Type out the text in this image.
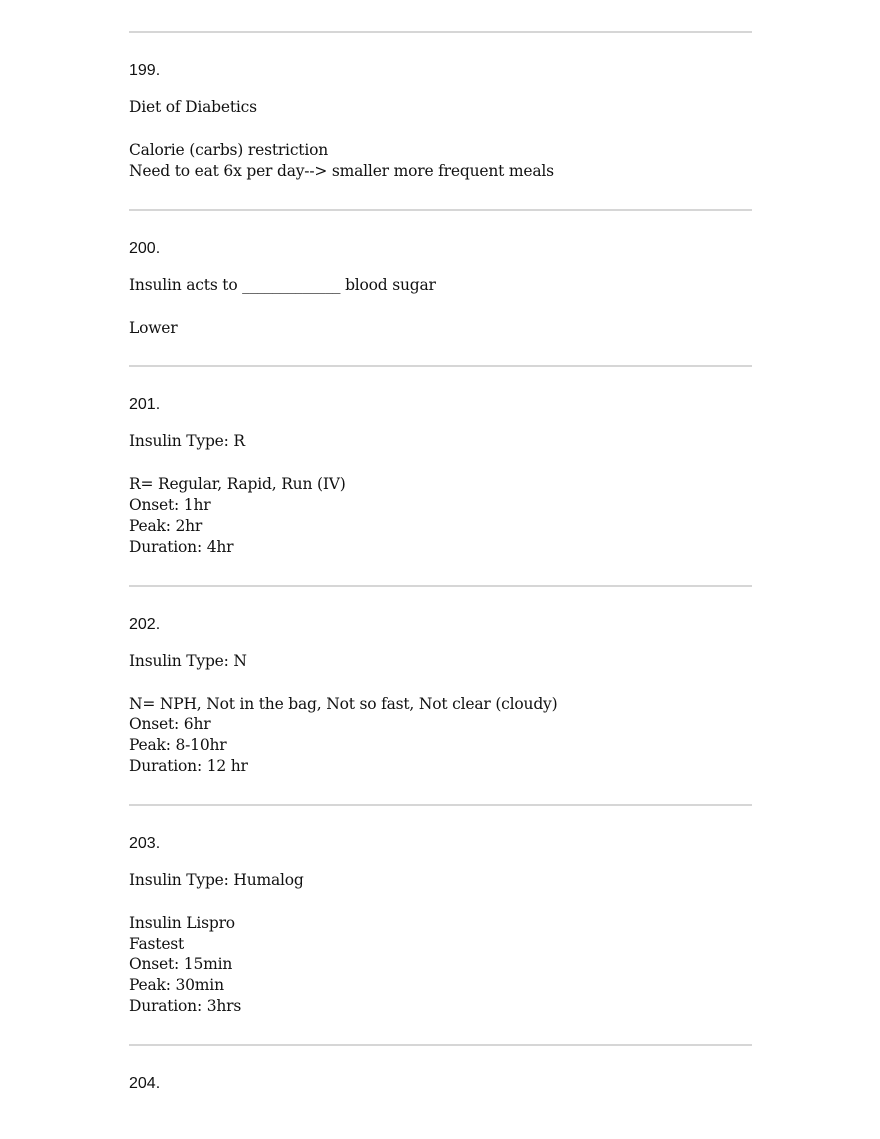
199.
Diet of Diabetics
Calorie (carbs) restriction
Need to eat 6x per day--> smaller more frequent meals
200.
Insulin acts to _____________ blood sugar
Lower
201.
Insulin Type: R
R= Regular, Rapid, Run (IV)
Onset: 1hr
Peak: 2hr
Duration: 4hr
202.
Insulin Type: N
N= NPH, Not in the bag, Not so fast, Not clear (cloudy)
Onset: 6hr
Peak: 8-10hr
Duration: 12 hr
203.
Insulin Type: Humalog
Insulin Lispro
Fastest
Onset: 15min
Peak: 30min
Duration: 3hrs
204.
